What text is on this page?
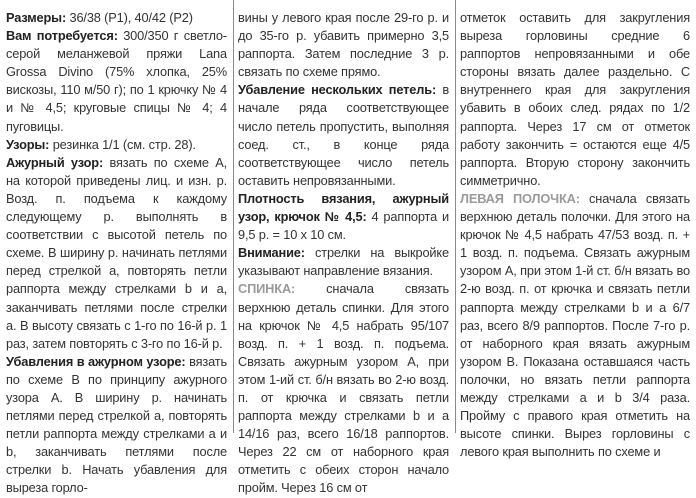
Размеры: 36/38 (P1), 40/42 (P2)

Вам потребуется: 300/350 г светло-серой меланжевой пряжи Lana Grossa Divino (75% хлопка, 25% вискозы, 110 м/50 г); по 1 крючку № 4 и № 4,5; круговые спицы № 4; 4 пуговицы.

Узоры: резинка 1/1 (см. стр. 28).

Ажурный узор: вязать по схеме А, на которой приведены лиц. и изн. р. Возд. п. подъема к каждому следующему р. выполнять в соответствии с высотой петель по схеме. В ширину р. начинать петлями перед стрелкой а, повторять петли раппорта между стрелками b и а, заканчивать петлями после стрелки а. В высоту связать с 1-го по 16-й р. 1 раз, затем повторять с 3-го по 16-й р.

Убавления в ажурном узоре: вязать по схеме В по принципу ажурного узора А. В ширину р. начинать петлями перед стрелкой а, повторять петли раппорта между стрелками а и b, заканчивать петлями после стрелки b. Начать убавления для выреза горло-

вины у левого края после 29-го р. и до 35-го р. убавить примерно 3,5 раппорта. Затем последние 3 р. связать по схеме прямо.

Убавление нескольких петель: в начале ряда соответствующее число петель пропустить, выполняя соед. ст., в конце ряда соответствующее число петель оставить непровязанными.

Плотность вязания, ажурный узор, крючок № 4,5: 4 раппорта и 9,5 р. = 10 х 10 см.

Внимание: стрелки на выкройке указывают направление вязания.

СПИНКА: сначала связать верхнюю деталь спинки. Для этого на крючок № 4,5 набрать 95/107 возд. п. + 1 возд. п. подъема. Связать ажурным узором А, при этом 1-ий ст. б/н вязать во 2-ю возд. п. от крючка и связать петли раппорта между стрелками b и а 14/16 раз, всего 16/18 раппортов. Через 22 см от наборного края отметить с обеих сторон начало пройм. Через 16 см от

отметок оставить для закругления выреза горловины средние 6 раппортов непровязанными и обе стороны вязать далее раздельно. С внутреннего края для закругления убавить в обоих след. рядах по 1/2 раппорта. Через 17 см от отметок работу закончить = остаются еще 4/5 раппорта. Вторую сторону закончить симметрично.

ЛЕВАЯ ПОЛОЧКА: сначала связать верхнюю деталь полочки. Для этого на крючок № 4,5 набрать 47/53 возд. п. + 1 возд. п. подъема. Связать ажурным узором А, при этом 1-й ст. б/н вязать во 2-ю возд. п. от крючка и связать петли раппорта между стрелками b и а 6/7 раз, всего 8/9 раппортов. После 7-го р. от наборного края вязать ажурным узором В. Показана оставшаяся часть полочки, но вязать петли раппорта между стрелками а и b 3/4 раза. Пройму с правого края отметить на высоте спинки. Вырез горловины с левого края выполнить по схеме и
